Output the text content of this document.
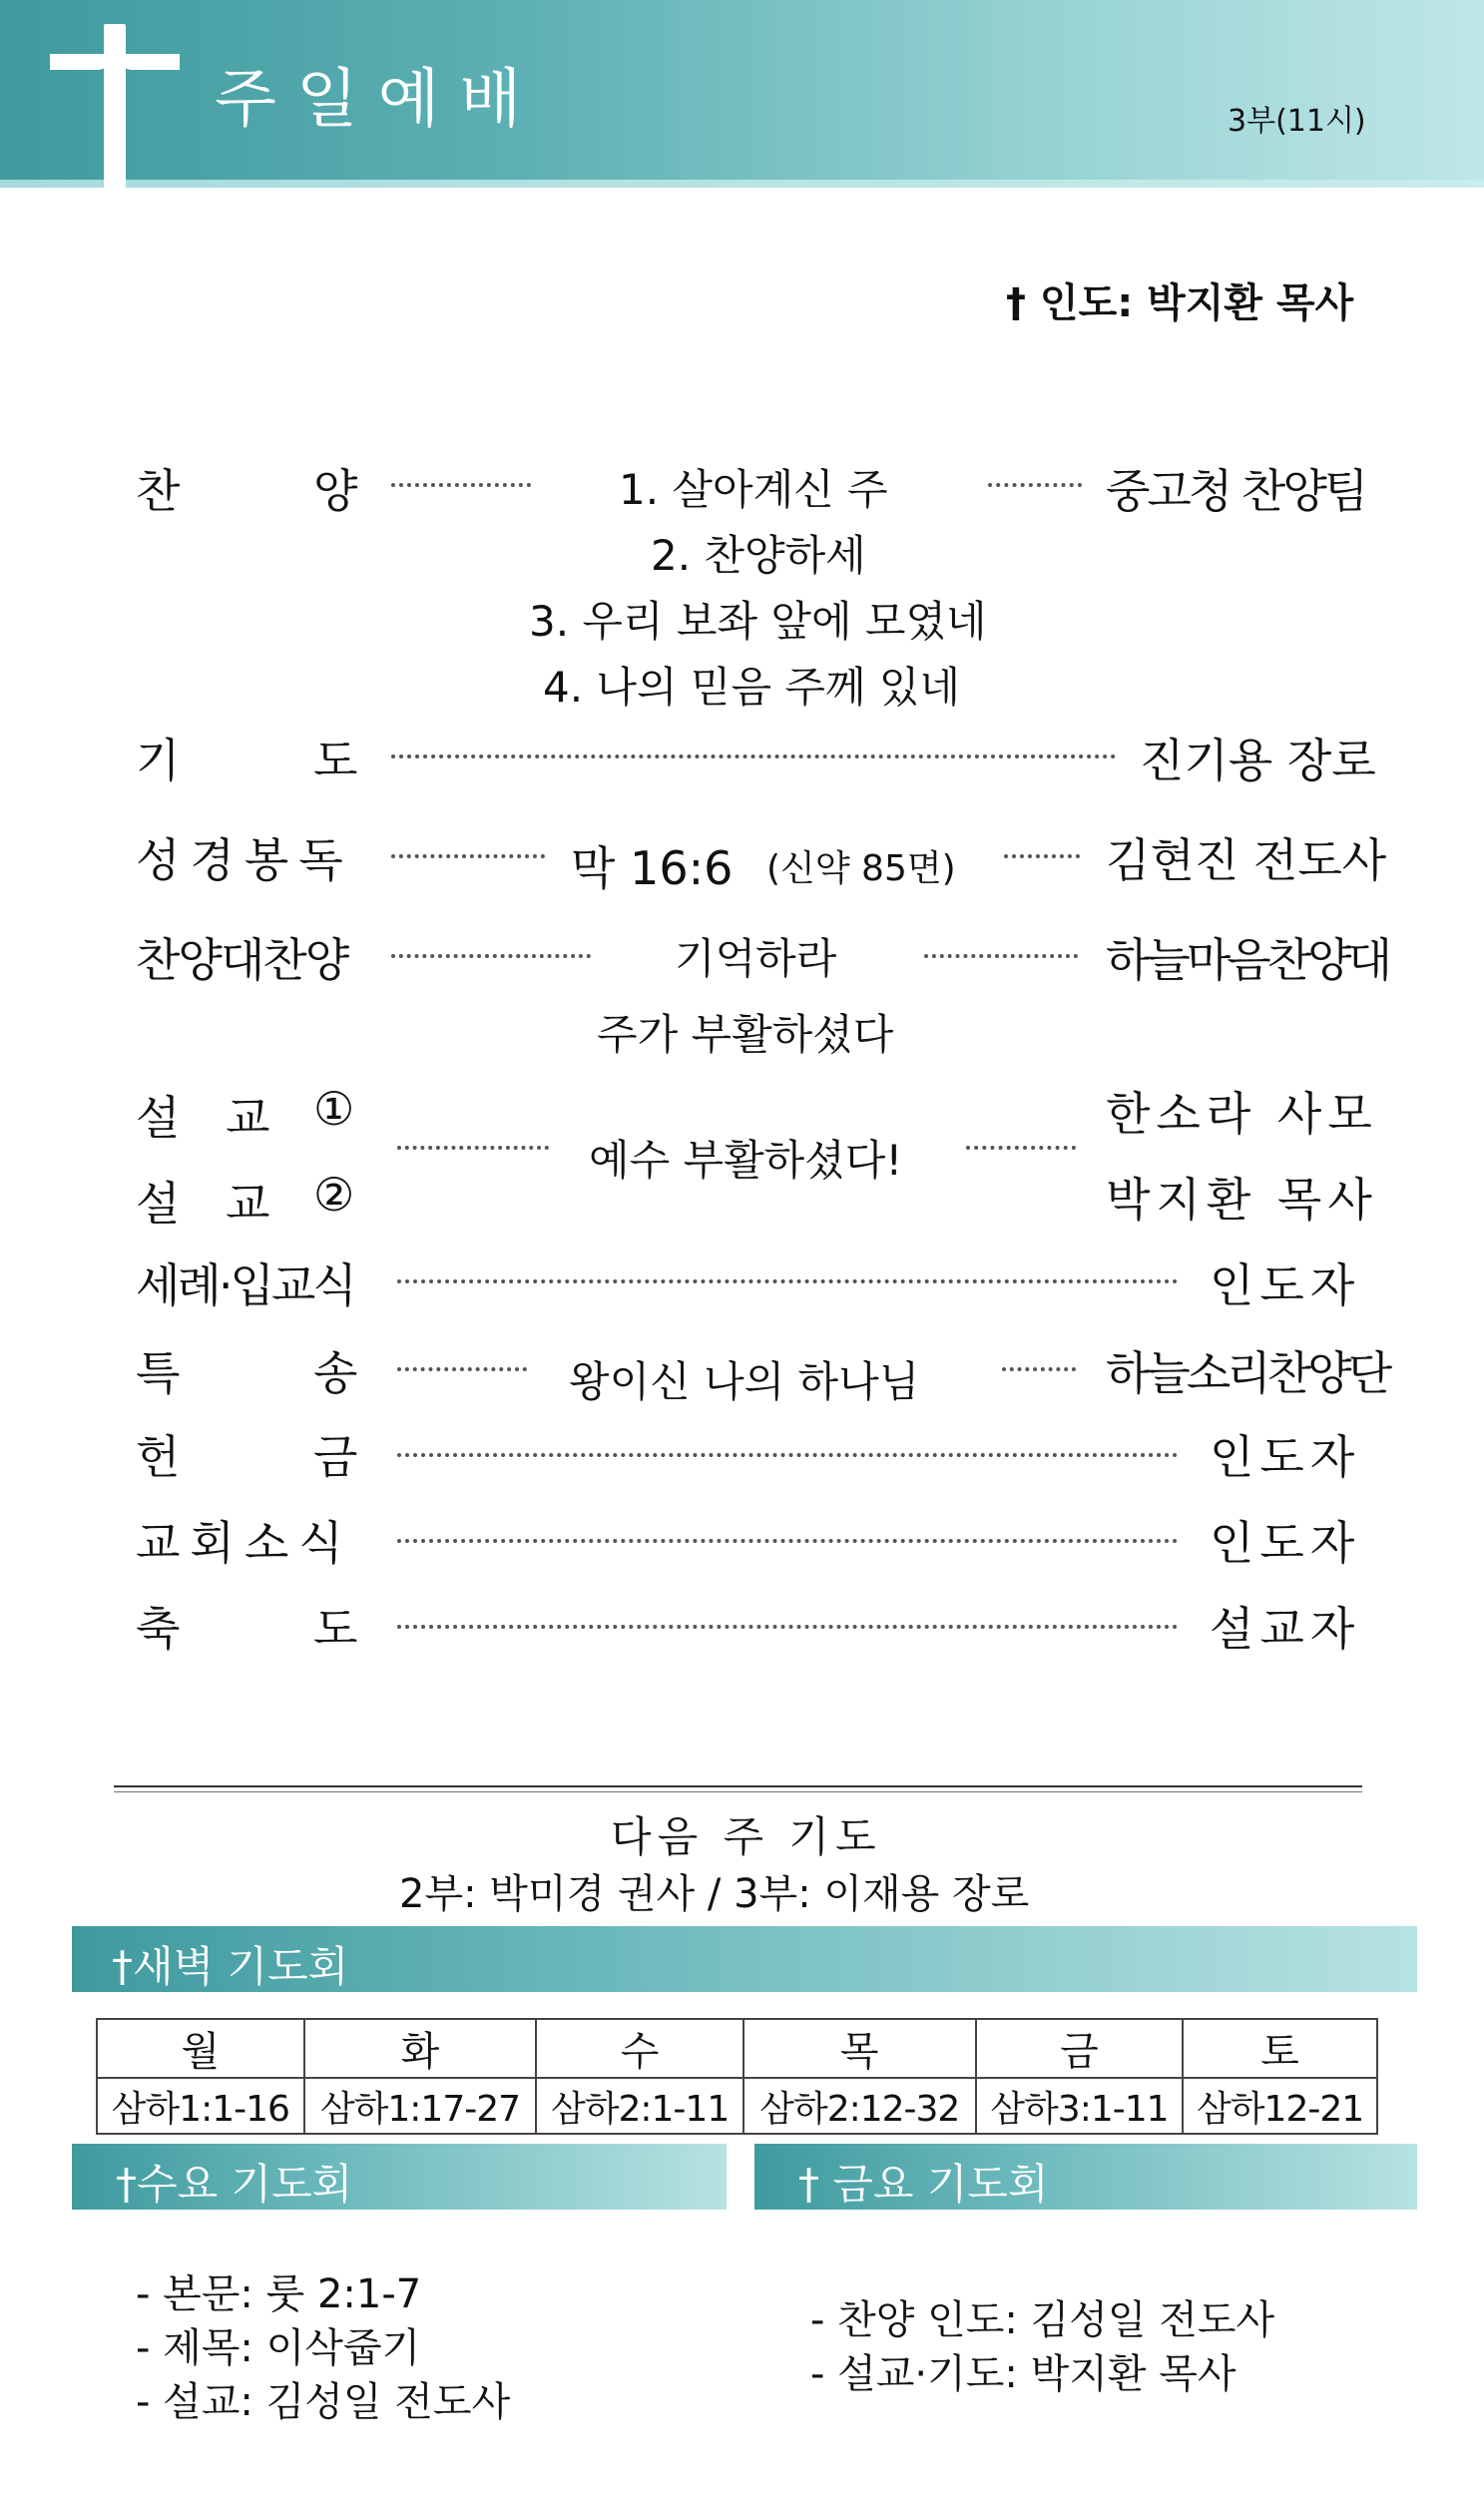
주일예배	3부(11시)
† 인도: 박지환 목사
찬	양	1. 살아계신 주	중고청 찬양팀
2. 찬양하세
3. 우리 보좌 앞에 모였네
4. 나의 믿음 주께 있네
기	도	진기용 장로
성경봉독	막 16:6 (신약 85면)	김현진 전도사
찬양대찬양	기억하라	하늘마음찬양대
주가 부활하셨다
설 교 ①	한소라 사모
설 교 ②	박지환 목사
예수 부활하셨다!
세례·입교식	인도자
특	송	왕이신 나의 하나님	하늘소리찬양단
헌	금	인도자
교회소식	인도자
축	도	설교자
다음 주 기도
2부: 박미경 권사 / 3부: 이재용 장로
†새벽 기도회
월	화	수	목	금	토
삼하1:1-16	삼하1:17-27	삼하2:1-11	삼하2:12-32	삼하3:1-11	삼하12-21
†수요 기도회
- 본문: 룻 2:1-7
- 제목: 이삭줍기
- 설교: 김성일 전도사
† 금요 기도회
- 찬양 인도: 김성일 전도사
- 설교·기도: 박지환 목사
